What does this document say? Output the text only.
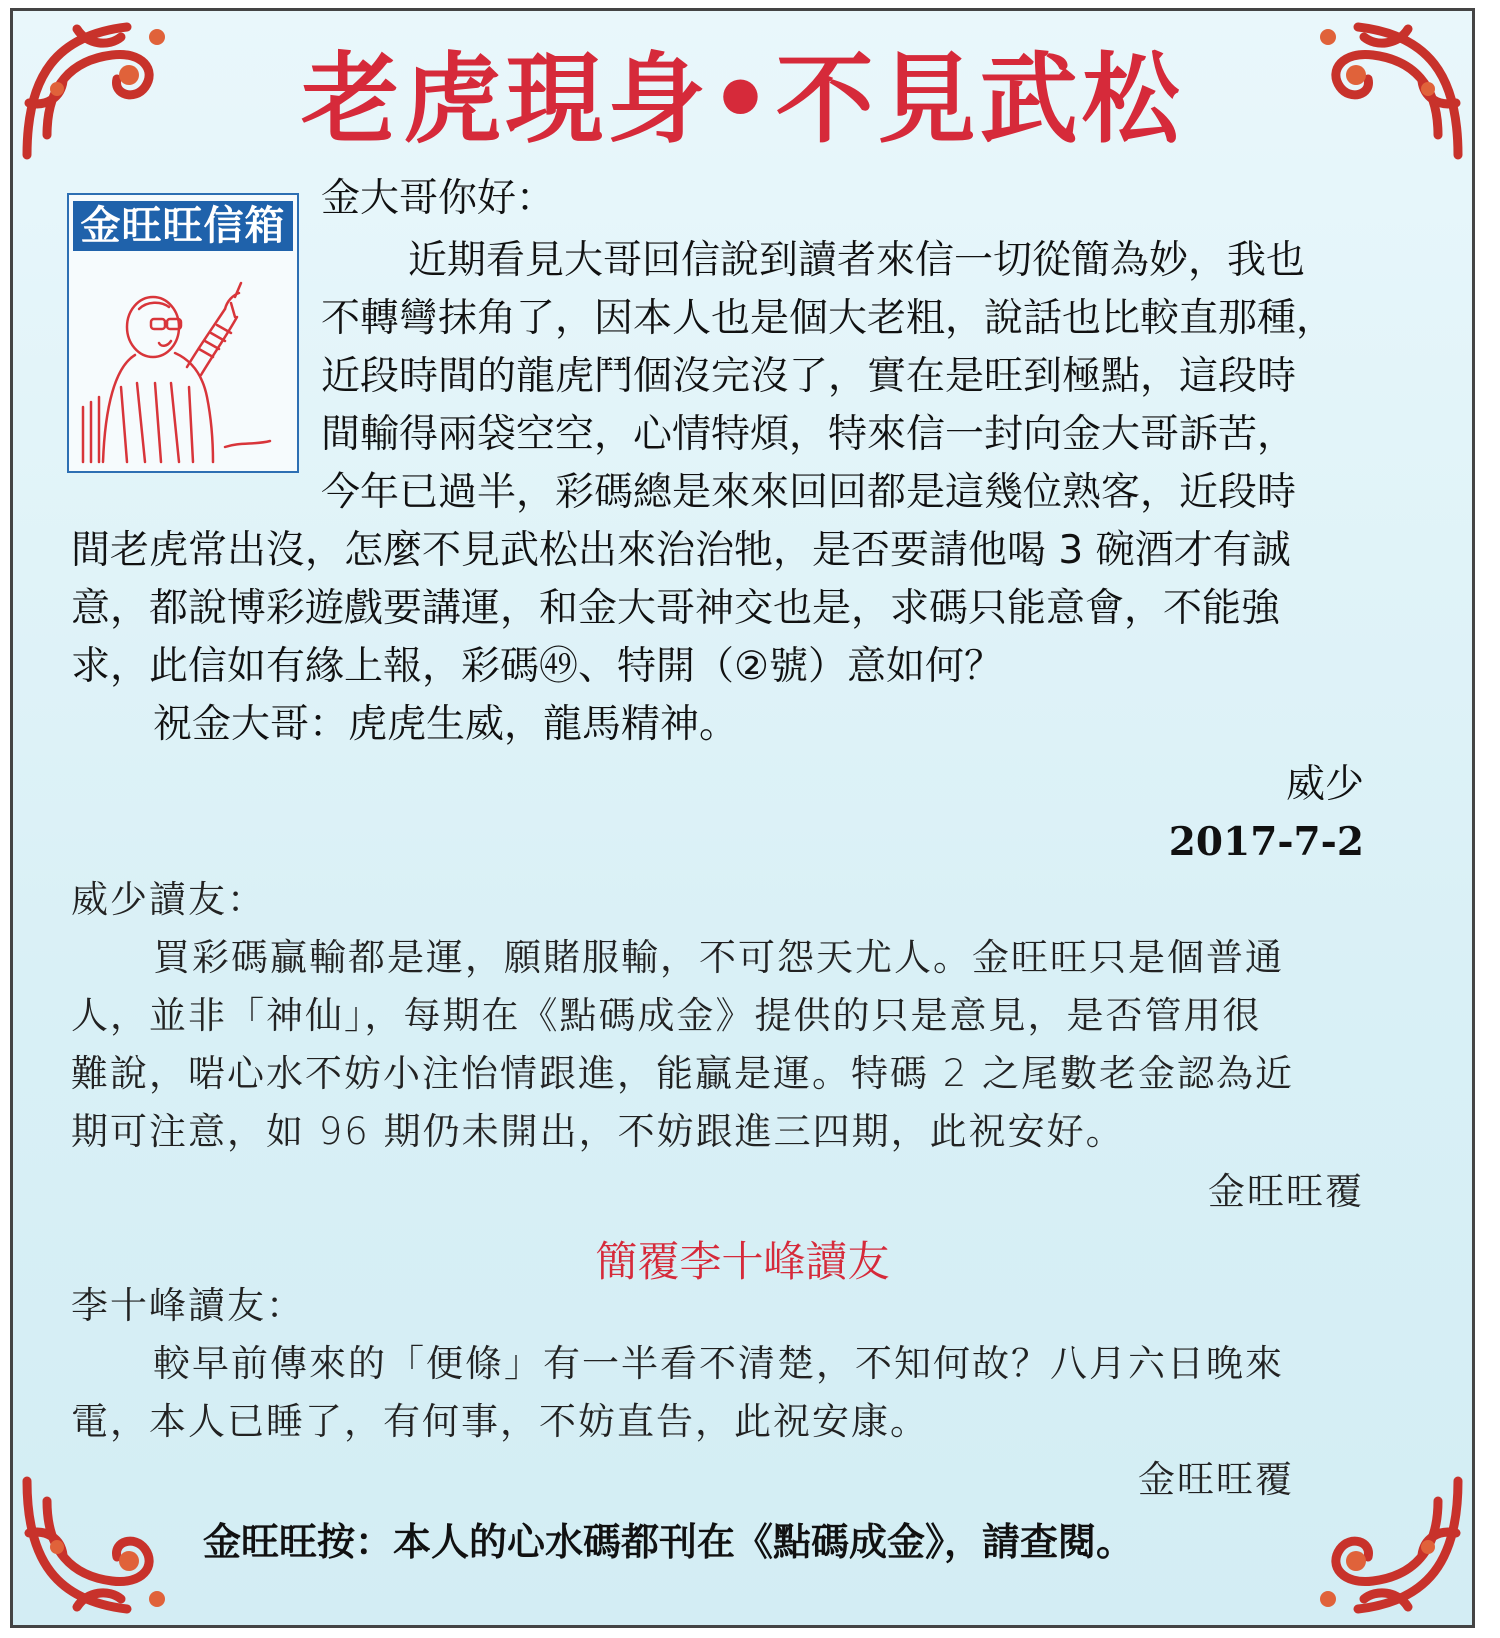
老虎現身•不見武松
金旺旺信箱
金大哥你好：
近期看見大哥回信說到讀者來信一切從簡為妙，我也
不轉彎抹角了，因本人也是個大老粗，說話也比較直那種，
近段時間的龍虎鬥個沒完沒了，實在是旺到極點，這段時
間輸得兩袋空空，心情特煩，特來信一封向金大哥訴苦，
今年已過半，彩碼總是來來回回都是這幾位熟客，近段時
間老虎常出沒，怎麼不見武松出來治治牠，是否要請他喝 3 碗酒才有誠
意，都說博彩遊戲要講運，和金大哥神交也是，求碼只能意會，不能強
求，此信如有緣上報，彩碼㊾、特開（②號）意如何？
祝金大哥：虎虎生威，龍馬精神。
威少
2017-7-2
威少讀友：
買彩碼贏輸都是運，願賭服輸，不可怨天尤人。金旺旺只是個普通
人，並非「神仙」，每期在《點碼成金》提供的只是意見，是否管用很
難說，啱心水不妨小注怡情跟進，能贏是運。特碼 2 之尾數老金認為近
期可注意，如 96 期仍未開出，不妨跟進三四期，此祝安好。
金旺旺覆
簡覆李十峰讀友
李十峰讀友：
較早前傳來的「便條」有一半看不清楚，不知何故？八月六日晚來
電，本人已睡了，有何事，不妨直告，此祝安康。
金旺旺覆
金旺旺按：本人的心水碼都刊在《點碼成金》，請查閱。
